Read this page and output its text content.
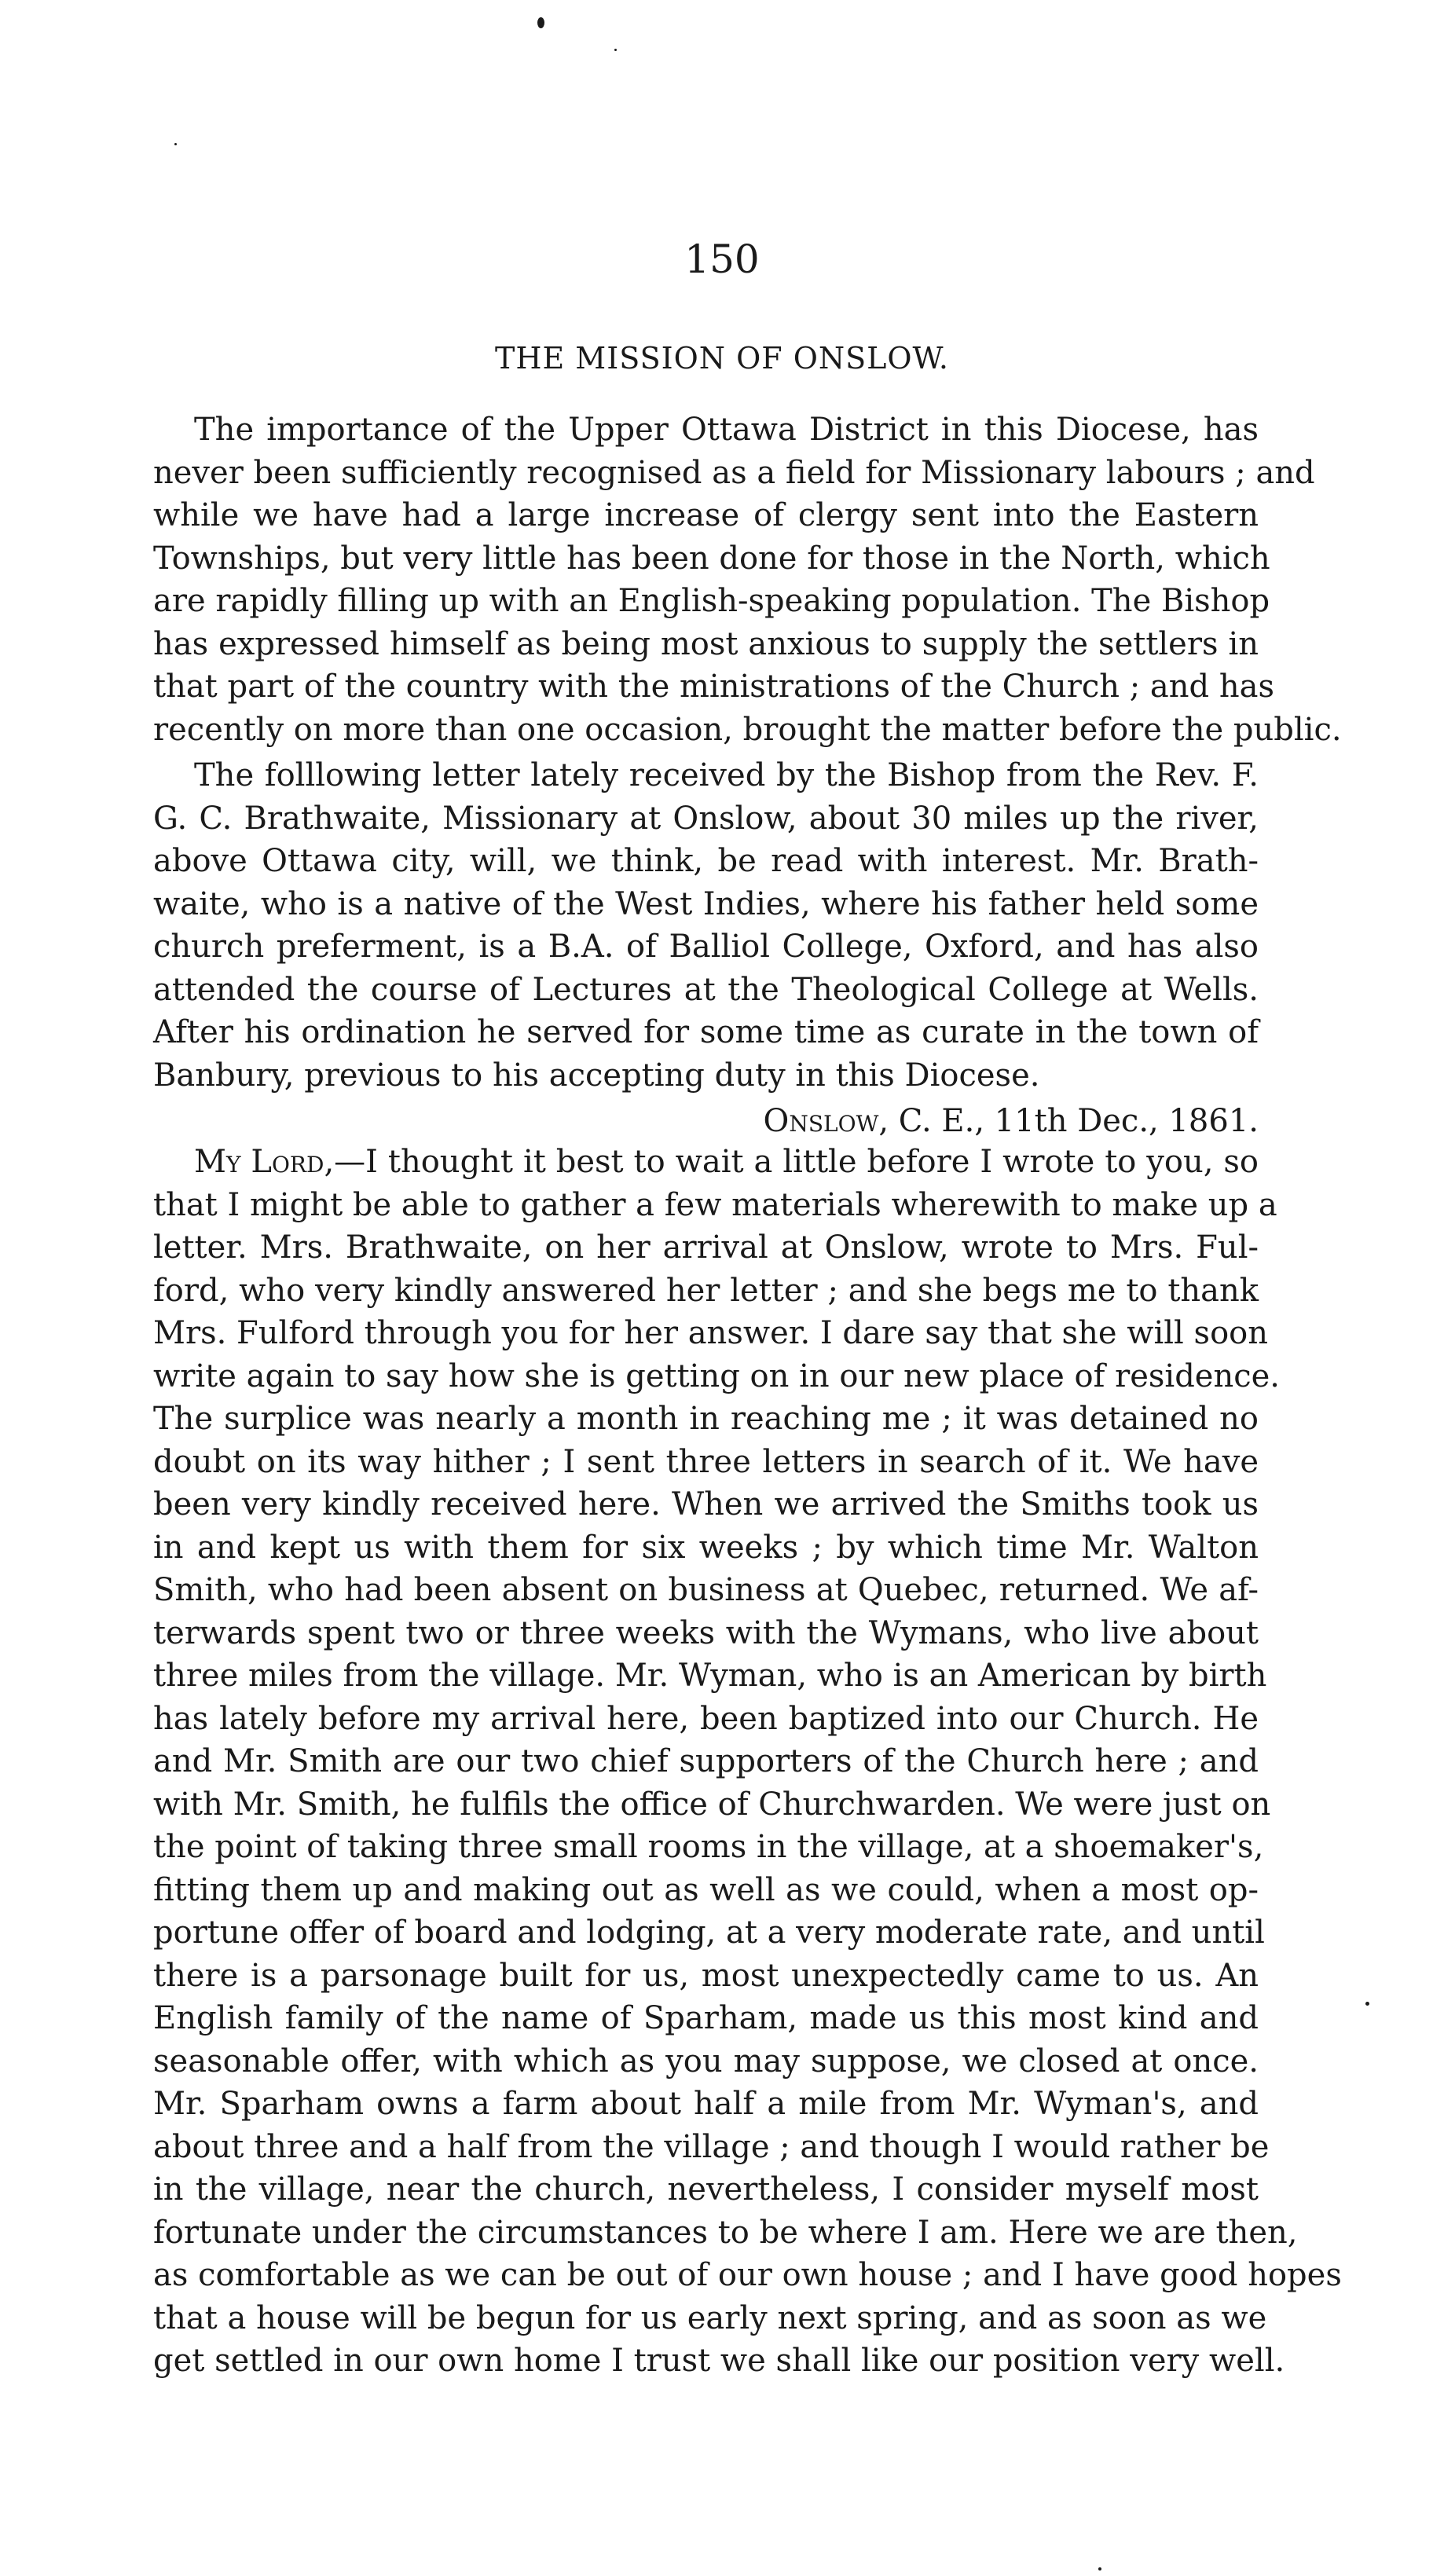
150
THE MISSION OF ONSLOW.
The importance of the Upper Ottawa District in this Diocese, has
never been sufficiently recognised as a field for Missionary labours ; and
while we have had a large increase of clergy sent into the Eastern
Townships, but very little has been done for those in the North, which
are rapidly filling up with an English-speaking population. The Bishop
has expressed himself as being most anxious to supply the settlers in
that part of the country with the ministrations of the Church ; and has
recently on more than one occasion, brought the matter before the public.
The folllowing letter lately received by the Bishop from the Rev. F.
G. C. Brathwaite, Missionary at Onslow, about 30 miles up the river,
above Ottawa city, will, we think, be read with interest. Mr. Brath-
waite, who is a native of the West Indies, where his father held some
church preferment, is a B.A. of Balliol College, Oxford, and has also
attended the course of Lectures at the Theological College at Wells.
After his ordination he served for some time as curate in the town of
Banbury, previous to his accepting duty in this Diocese.
Onslow, C. E., 11th Dec., 1861.
My Lord,—I thought it best to wait a little before I wrote to you, so
that I might be able to gather a few materials wherewith to make up a
letter. Mrs. Brathwaite, on her arrival at Onslow, wrote to Mrs. Ful-
ford, who very kindly answered her letter ; and she begs me to thank
Mrs. Fulford through you for her answer. I dare say that she will soon
write again to say how she is getting on in our new place of residence.
The surplice was nearly a month in reaching me ; it was detained no
doubt on its way hither ; I sent three letters in search of it. We have
been very kindly received here. When we arrived the Smiths took us
in and kept us with them for six weeks ; by which time Mr. Walton
Smith, who had been absent on business at Quebec, returned. We af-
terwards spent two or three weeks with the Wymans, who live about
three miles from the village. Mr. Wyman, who is an American by birth
has lately before my arrival here, been baptized into our Church. He
and Mr. Smith are our two chief supporters of the Church here ; and
with Mr. Smith, he fulfils the office of Churchwarden. We were just on
the point of taking three small rooms in the village, at a shoemaker's,
fitting them up and making out as well as we could, when a most op-
portune offer of board and lodging, at a very moderate rate, and until
there is a parsonage built for us, most unexpectedly came to us. An
English family of the name of Sparham, made us this most kind and
seasonable offer, with which as you may suppose, we closed at once.
Mr. Sparham owns a farm about half a mile from Mr. Wyman's, and
about three and a half from the village ; and though I would rather be
in the village, near the church, nevertheless, I consider myself most
fortunate under the circumstances to be where I am. Here we are then,
as comfortable as we can be out of our own house ; and I have good hopes
that a house will be begun for us early next spring, and as soon as we
get settled in our own home I trust we shall like our position very well.
